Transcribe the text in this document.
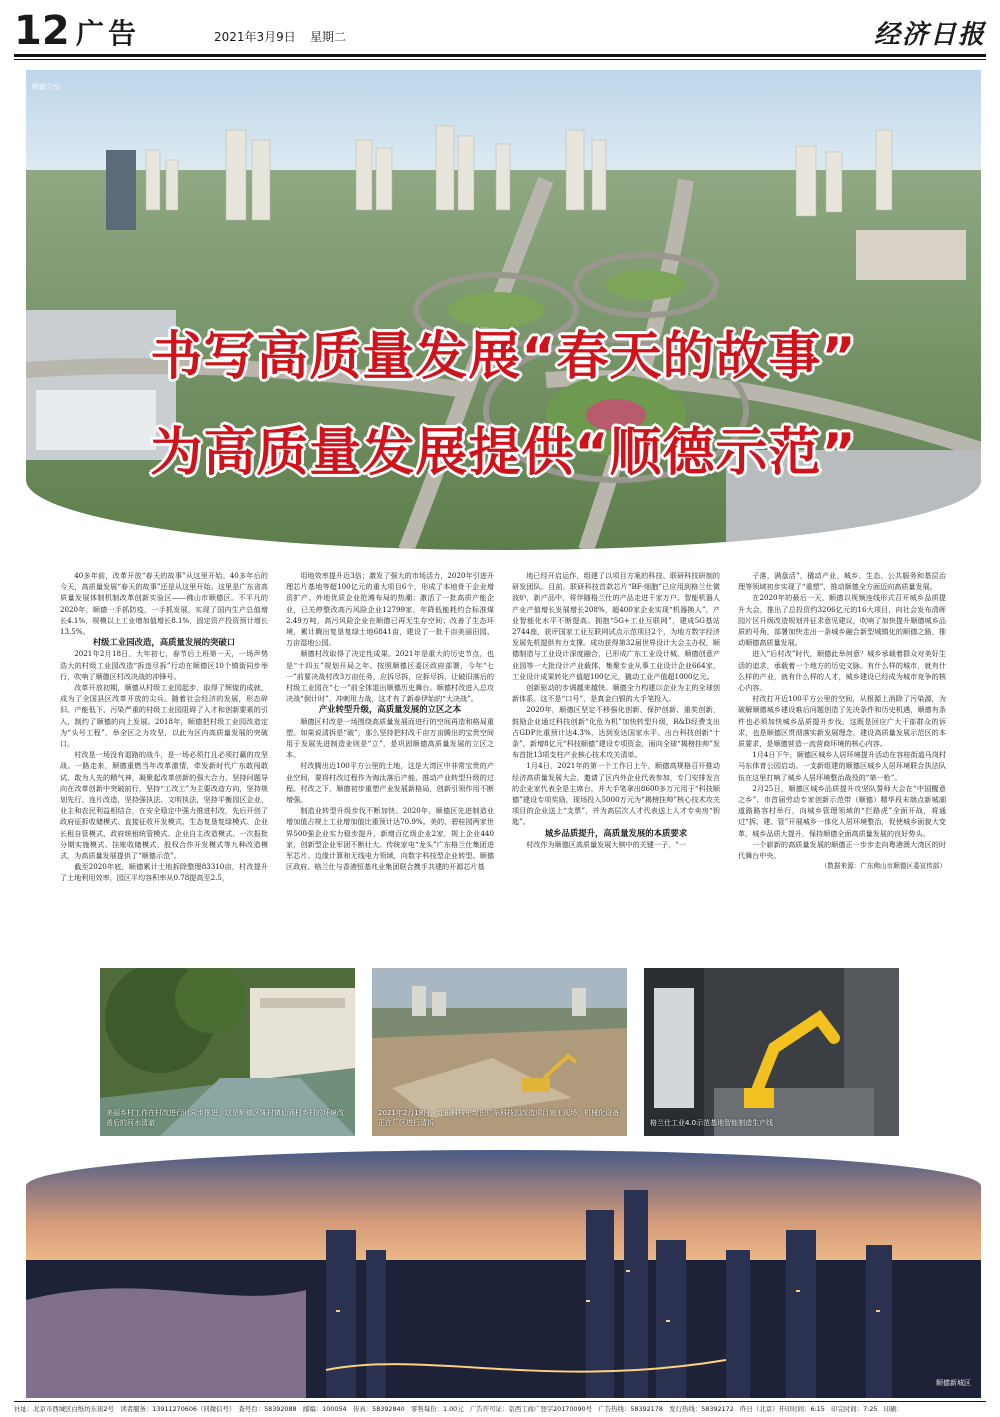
12 广告	2021年3月9日 星期二	经济日报
顺德立交
书写高质量发展“春天的故事”
为高质量发展提供“顺德示范”

40多年前，改革开放“春天的故事”从这里开始。40多年后的今天，高质量发展“春天的故事”还是从这里开始。这里是广东省高质量发展体制机制改革创新实验区——佛山市顺德区。不平凡的2020年，顺德一手抓防疫，一手抓发展，实现了国内生产总值增长4.1%，规模以上工业增加值增长8.1%，固定资产投资预计增长13.5%。

村级工业园改造，高质量发展的突破口

2021年2月18日，大年初七，春节后上班第一天，一场声势浩大的村级工业园改造“拆违尽拆”行动在顺德区10个镇街同步举行，吹响了顺德区村改决战的冲锋号。

改革开放初期，顺德从村级工业园起步，取得了辉煌的成就，成为了全国县区改革开放的尖兵。随着社会经济的发展，形态碎旧、产能低下、污染严重的村级工业园阻碍了人才和创新要素的引入，制约了顺德的向上发展。2018年，顺德把村级工业园改造定为“头号工程”，举全区之力攻坚，以此为区内高质量发展的突破口。

村改是一场没有退路的战斗，是一场必须打且必须打赢的攻坚战。一路走来，顺德重燃当年改革激情，牵发新时代广东敢闯敢试、敢为人先的精气神，凝聚起改革创新的强大合力，坚持问题导向在改革创新中突破前行，坚持“工改工”为主要改造方向，坚持规划先行、连片改造，坚持强执法、文明执法，坚持平衡园区企业、业主和农民利益相结合，在安全稳定中强力推进村改，先后开创了政府征拆收储模式、直接征收开发模式、生态复垦复绿模式、企业长租自管模式、政府统租统管模式、企业自主改造模式、一次报批分期实施模式、挂账收储模式、股权合作开发模式等九种改造模式，为高质量发展提供了“顺德示范”。

截至2020年底，顺德累计土地拆除整理83310亩，村改提升了土地利用效率，园区平均容积率从0.78提高至2.5，

用地效率提升近3倍；激发了强大的市场活力，2020年引进开理芯片基地等超100亿元的重大项目6个，形成了本地骨干企业增资扩产、外地优质企业抢滩布局的热潮；激活了一批高质产能企业，已关停整改高污风险企业12799家，年降低能耗约合标准煤2.49万吨，高污风险企业在顺德已再无生存空间；改善了生态环境，累计腾出复垦复绿土地6841亩，建设了一批千亩美丽田园、万亩湿地公园。

顺德村改取得了决定性成果。2021年是重大的历史节点，也是“十四五”规划开局之年。按照顺德区委区政府部署，今年“七一”前要决战村改3万亩任务，应拆尽拆，应拆尽拆，让破旧落后的村级工业园在“七一”前全体退出顺德历史舞台。顺德村改进入总攻决战“倒计时”，冲刺用力战，这才有了新春伊始的“大决战”。

产业转型升级，高质量发展的立区之本

顺德区村改是一场围绕高质量发展而进行的空间再造和格局重塑。如果说清拆是“破”，那么坚持把村改千亩万亩腾出的宝贵空间用于发展先进制造业则是“立”，是巩固顺德高质量发展的立区之本。

村改腾出近100平方公里的土地，这是大湾区中非常宝贵的产业空间，要将村改过程作为淘汰落后产能、推动产业转型升级的过程。村改之下，顺德初步重塑产业发展新格局，创新引领作用不断增强。

制造业转型升级步伐不断加快。2020年，顺德区先进制造业增加值占规上工业增加值比重预计达70.9%。美的、碧桂园两家世界500强企业实力稳步提升，新增百亿级企业2家，规上企业440家，创新型企业军团不断壮大。传统家电“龙头”广东格兰仕集团进军芯片、边缘计算和无线电力领域，向数字科技型企业转型。顺德区政府、格兰仕与香港恒基兆业集团联合携手共建的开源芯片基

地已经开启运作，组建了以项目方案的科技、联研科技研制的研发团队。目前，联研科技首款芯片“BF-细胞”已应用到格兰仕微波炉，新产品中，将伴随格兰仕的产品走进千家万户。智能机器人产业产值增长发展增长208%，超400家企业实现“机器换人”，产业智能化水平不断提高。拥抱“5G+工业互联网”，建成5G基站2744座，获评国家工业互联网试点示范项目2个，为地方数字经济发展先机提供有力支撑。成功获得第32届世界设计大会主办权，顺德制造与工业设计深度融合，已形成广东工业设计城、顺德创意产业园等一大批设计产业载体，集聚专业从事工业设计企业664家，工业设计成果转化产值超100亿元，撬动工业产值超1000亿元。

创新驱动的步调越来越快。顺德全力构建以企业为主的全球创新体系。这不是“口号”，是真金白银的大手笔投入。

2020年，顺德区坚定不移强化创新、保护创新、重奖创新，鼓励企业通过科技创新“化危为机”加快转型升级，R&D经费支出占GDP比重预计达4.3%，达到发达国家水平。出台科技创新“十条”，新增8亿元“科技顺德”建设专项资金，面向全球“揭榜挂帅”发布首批13项支柱产业核心技术攻关清单。

1月4日，2021年的第一个工作日上午，顺德高规格召开推动经济高质量发展大会，邀请了区内外企业代表参加，专门安排发言的企业家代表全是主席台，并大手笔拿出8600多万元用于“科技顺德”建设专项奖励，现场投入5000万元为“揭榜挂帅”核心技术攻关项目的企业送上“支票”，并为高层次人才代表送上人才专卖房“钥匙”。

城乡品质提升，高质量发展的本质要求

村改作为顺德区高质量发展大棋中的关键一子，“一

子落，满盘活”，撬动产业、城乡、生态、公共服务和基层治理等领域初步实现了“重塑”，推动顺德全方面迈向高质量发展。

在2020年的最后一天，顺德以视频连线形式召开城乡品质提升大会，推出了总投资约3206亿元的16大项目，向社会发布清晖园片区升级改造规划并征求意见建议，吹响了加快提升顺德城乡品质的号角，部署加快走出一条城乡融合新型城镇化的顺德之路，推动顺德高质量发展。

进入“后村改”时代，顺德此举何意？城乡承载着群众对美好生活的追求，承载着一个地方的历史文脉。有什么样的城市，就有什么样的产业，就有什么样的人才，城乡建设已经成为城市竞争的核心内容。

村改打开近100平方公里的空间，从根源上消除了污染源，为破解顺德城乡建设难后问题创造了先决条件和历史机遇，顺德有条件也必须加快城乡品质提升步伐，这既是回应广大干部群众的诉求，也是顺德区贯彻落实新发展理念，建设高质量发展示范区的本质要求，是顺德营造一流营商环境的核心内容。

1月4日下午，顺德区城乡人居环境提升活动在容桂街道马岗村马东体育公园启动。一支新组建的顺德区城乡人居环境联合执法队伍在这里打响了城乡人居环境整治战役的“第一枪”。

2月25日，顺德区城乡品质提升攻坚队誓师大会在“中国醒意之乡”、市首届劳动专家创新示范带（顺德）精华段末端点新城湖道路路容村举行，向城乡管理领域的“拦路虎”全面开战，将通过“拆、建、管”开展城乡一体化人居环境整治，促使城乡面貌大变革，城乡品质大提升，保持顺德全面高质量发展的良好势头。

一个崭新的高质量发展的顺德正一步步走向粤港澳大湾区的时代舞台中央。

（数据来源：广东佛山市顺德区委宣传部）

美丽乡村工作在村改进行时同步推进，这是顺德区陈村镇仙涌村乡村的环境改善后的河水清澈
2021年2月18日，红田科技中级田广东科技园改造项目施工现场，机械化设备正在厂区进行清拆	格兰仕工业4.0示范基地智能制造生产线
顺德新城区
社址：北京市西城区白纸坊东街2号　读者服务：13911270606（同微信号）　查号台：58392088　邮编：100054　传真：58392840　零售每份：1.00元　广告许可证：京西工商广登字20170090号　广告热线：58392178　发行热线：58392172　昨日（北京）开印时间：6:15　印完时间：7:25　印刷：
